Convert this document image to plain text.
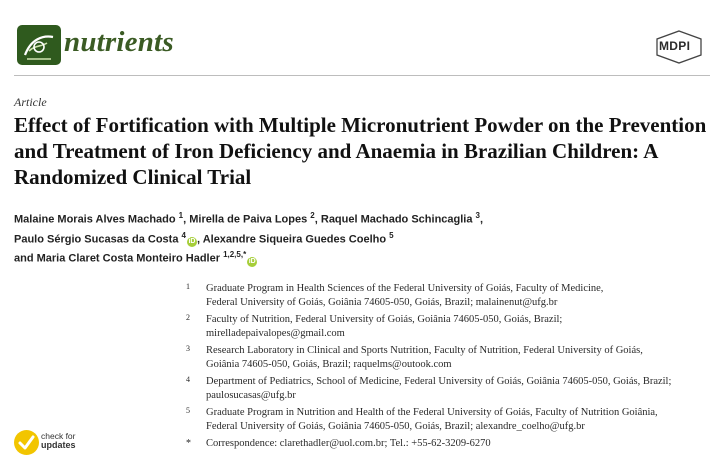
nutrients	MDPI
Article
Effect of Fortification with Multiple Micronutrient Powder on the Prevention and Treatment of Iron Deficiency and Anaemia in Brazilian Children: A Randomized Clinical Trial
Malaine Morais Alves Machado $^1$, Mirella de Paiva Lopes $^2$, Raquel Machado Schincaglia $^3$,
Paulo Sérgio Sucasas da Costa $^4$iD , Alexandre Siqueira Guedes Coelho $^5$
and Maria Claret Costa Monteiro Hadler $^{1,2,5,*}$iD
1 Graduate Program in Health Sciences of the Federal University of Goiás, Faculty of Medicine,
Federal University of Goiás, Goiânia 74605-050, Goiás, Brazil; malainenut@ufg.br
2 Faculty of Nutrition, Federal University of Goiás, Goiânia 74605-050, Goiás, Brazil;
mirelladepaivalopes@gmail.com
3 Research Laboratory in Clinical and Sports Nutrition, Faculty of Nutrition, Federal University of Goiás,
Goiânia 74605-050, Goiás, Brazil; raquelms@outook.com
4 Department of Pediatrics, School of Medicine, Federal University of Goiás, Goiânia 74605-050, Goiás, Brazil;
paulosucasas@ufg.br
5 Graduate Program in Nutrition and Health of the Federal University of Goiás, Faculty of Nutrition Goiânia,
Federal University of Goiás, Goiânia 74605-050, Goiás, Brazil; alexandre_coelho@ufg.br
* Correspondence: clarethadler@uol.com.br; Tel.: +55-62-3209-6270
check for
updates
